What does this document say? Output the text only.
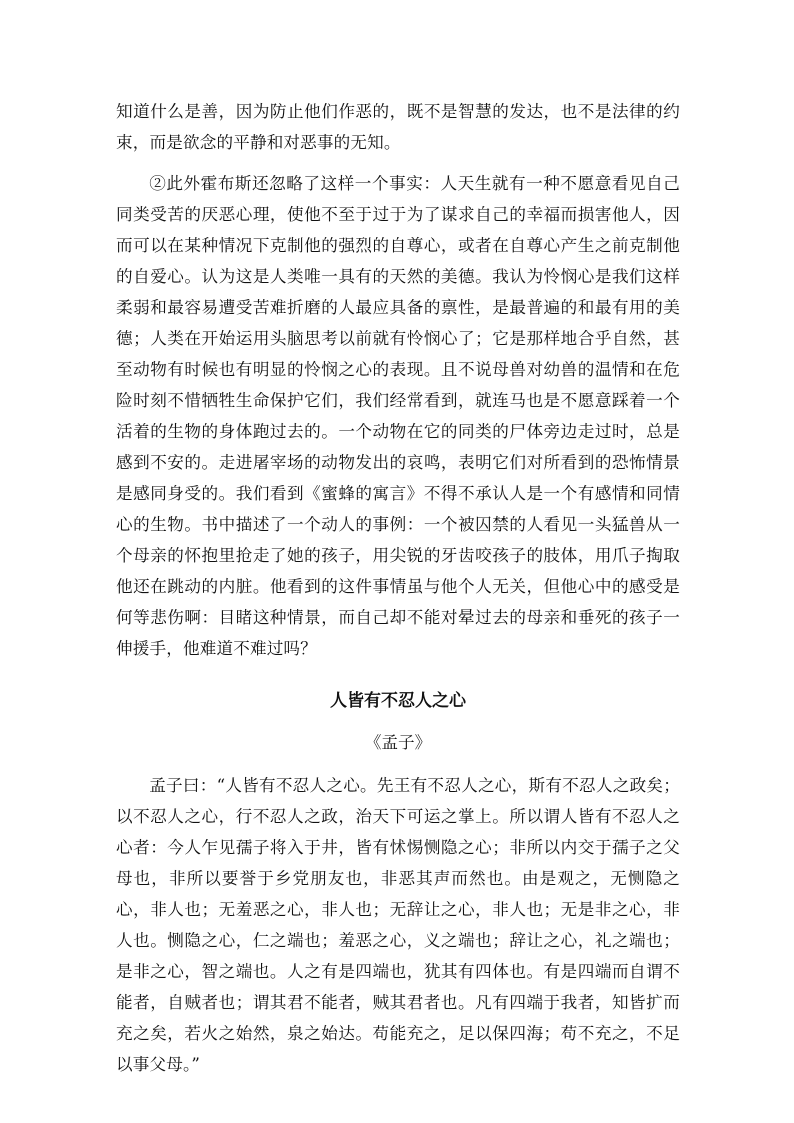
知道什么是善，因为防止他们作恶的，既不是智慧的发达，也不是法律的约束，而是欲念的平静和对恶事的无知。

②此外霍布斯还忽略了这样一个事实：人天生就有一种不愿意看见自己同类受苦的厌恶心理，使他不至于过于为了谋求自己的幸福而损害他人，因而可以在某种情况下克制他的强烈的自尊心，或者在自尊心产生之前克制他的自爱心。认为这是人类唯一具有的天然的美德。我认为怜悯心是我们这样柔弱和最容易遭受苦难折磨的人最应具备的禀性，是最普遍的和最有用的美德；人类在开始运用头脑思考以前就有怜悯心了；它是那样地合乎自然，甚至动物有时候也有明显的怜悯之心的表现。且不说母兽对幼兽的温情和在危险时刻不惜牺牲生命保护它们，我们经常看到，就连马也是不愿意踩着一个活着的生物的身体跑过去的。一个动物在它的同类的尸体旁边走过时，总是感到不安的。走进屠宰场的动物发出的哀鸣，表明它们对所看到的恐怖情景是感同身受的。我们看到《蜜蜂的寓言》不得不承认人是一个有感情和同情心的生物。书中描述了一个动人的事例：一个被囚禁的人看见一头猛兽从一个母亲的怀抱里抢走了她的孩子，用尖锐的牙齿咬孩子的肢体，用爪子掏取他还在跳动的内脏。他看到的这件事情虽与他个人无关，但他心中的感受是何等悲伤啊：目睹这种情景，而自己却不能对晕过去的母亲和垂死的孩子一伸援手，他难道不难过吗？

人皆有不忍人之心
《孟子》

孟子曰：“人皆有不忍人之心。先王有不忍人之心，斯有不忍人之政矣；以不忍人之心，行不忍人之政，治天下可运之掌上。所以谓人皆有不忍人之心者：今人乍见孺子将入于井，皆有怵惕恻隐之心；非所以内交于孺子之父母也，非所以要誉于乡党朋友也，非恶其声而然也。由是观之，无恻隐之心，非人也；无羞恶之心，非人也；无辞让之心，非人也；无是非之心，非人也。恻隐之心，仁之端也；羞恶之心，义之端也；辞让之心，礼之端也；是非之心，智之端也。人之有是四端也，犹其有四体也。有是四端而自谓不能者，自贼者也；谓其君不能者，贼其君者也。凡有四端于我者，知皆扩而充之矣，若火之始然，泉之始达。苟能充之，足以保四海；苟不充之，不足以事父母。”
